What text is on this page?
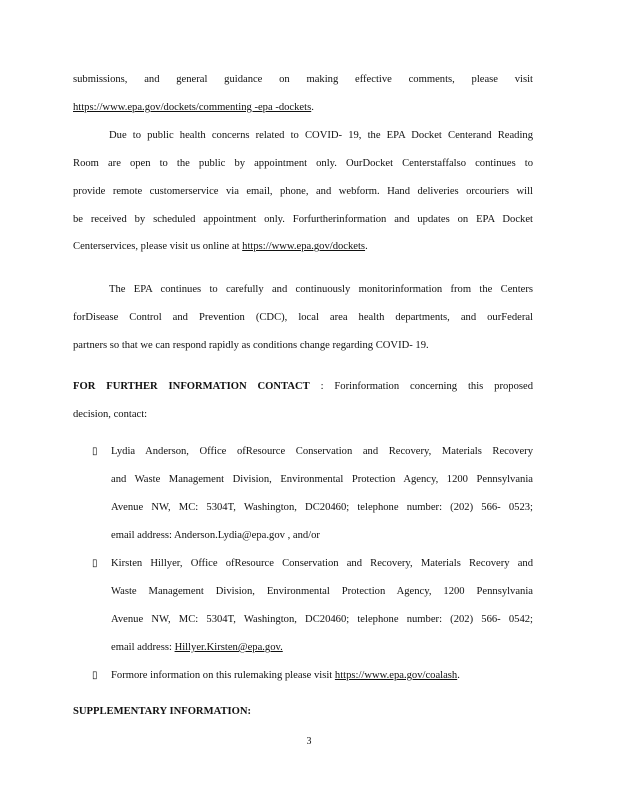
submissions, and general guidance on making effective comments, please visit
https://www.epa.gov/dockets/commenting -epa -dockets.
Due to public health concerns related to COVID- 19, the EPA Docket Centerand Reading
Room are open to the public by appointment only. OurDocket Centerstaffalso continues to
provide remote customerservice via email, phone, and webform. Hand deliveries orcouriers will
be received by scheduled appointment only. Forfurtherinformation and updates on EPA Docket
Centerservices, please visit us online at https://www.epa.gov/dockets.
The EPA continues to carefully and continuously monitorinformation from the Centers
forDisease Control and Prevention (CDC), local area health departments, and ourFederal
partners so that we can respond rapidly as conditions change regarding COVID- 19.
FOR FURTHER INFORMATION CONTACT : Forinformation concerning this proposed
decision, contact:
▯ Lydia Anderson, Office ofResource Conservation and Recovery, Materials Recovery
and Waste Management Division, Environmental Protection Agency, 1200 Pennsylvania
Avenue NW, MC: 5304T, Washington, DC20460; telephone number: (202) 566- 0523;
email address: Anderson.Lydia@epa.gov , and/or
▯ Kirsten Hillyer, Office ofResource Conservation and Recovery, Materials Recovery and
Waste Management Division, Environmental Protection Agency, 1200 Pennsylvania
Avenue NW, MC: 5304T, Washington, DC20460; telephone number: (202) 566- 0542;
email address: Hillyer.Kirsten@epa.gov.
▯ Formore information on this rulemaking please visit https://www.epa.gov/coalash.
SUPPLEMENTARY INFORMATION:
3
